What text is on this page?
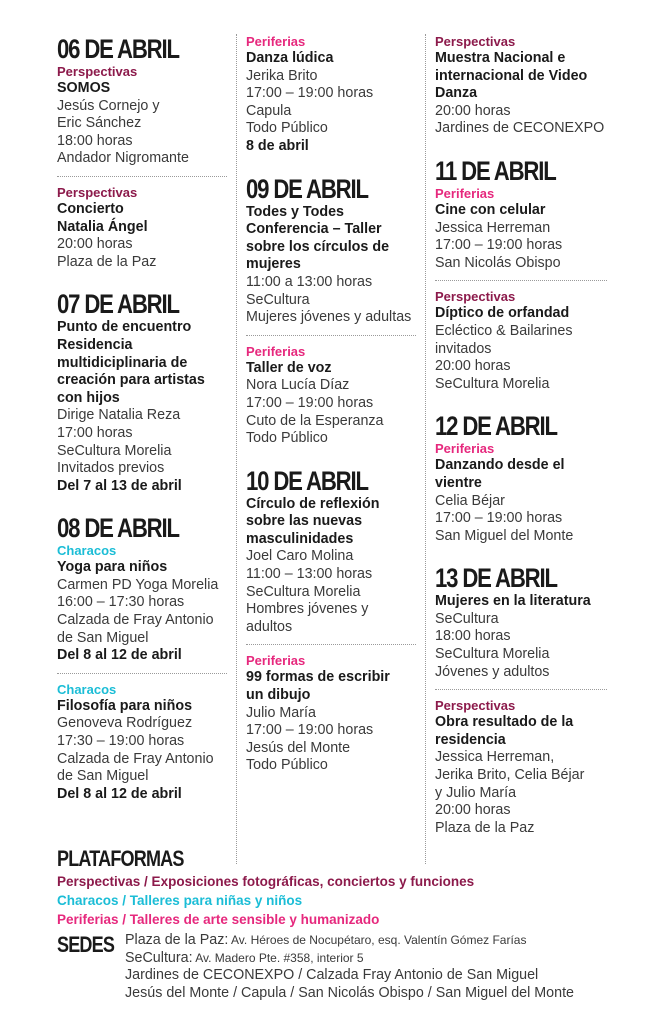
06 DE ABRIL
Perspectivas
SOMOS
Jesús Cornejo y
Eric Sánchez
18:00 horas
Andador Nigromante
Perspectivas
Concierto
Natalia Ángel
20:00 horas
Plaza de la Paz
07 DE ABRIL
Punto de encuentro
Residencia
multidiciplinaria de
creación para artistas
con hijos
Dirige Natalia Reza
17:00 horas
SeCultura Morelia
Invitados previos
Del 7 al 13 de abril
08 DE ABRIL
Characos
Yoga para niños
Carmen PD Yoga Morelia
16:00 – 17:30 horas
Calzada de Fray Antonio
de San Miguel
Del 8 al 12 de abril
Characos
Filosofía para niños
Genoveva Rodríguez
17:30 – 19:00 horas
Calzada de Fray Antonio
de San Miguel
Del 8 al 12 de abril
Periferias
Danza lúdica
Jerika Brito
17:00 – 19:00 horas
Capula
Todo Público
8 de abril
09 DE ABRIL
Todes y Todes
Conferencia – Taller
sobre los círculos de
mujeres
11:00 a 13:00 horas
SeCultura
Mujeres jóvenes y adultas
Periferias
Taller de voz
Nora Lucía Díaz
17:00 – 19:00 horas
Cuto de la Esperanza
Todo Público
10 DE ABRIL
Círculo de reflexión
sobre las nuevas
masculinidades
Joel Caro Molina
11:00 – 13:00 horas
SeCultura Morelia
Hombres jóvenes y
adultos
Periferias
99 formas de escribir
un dibujo
Julio María
17:00 – 19:00 horas
Jesús del Monte
Todo Público
Perspectivas
Muestra Nacional e
internacional de Video
Danza
20:00 horas
Jardines de CECONEXPO
11 DE ABRIL
Periferias
Cine con celular
Jessica Herreman
17:00 – 19:00 horas
San Nicolás Obispo
Perspectivas
Díptico de orfandad
Ecléctico & Bailarines
invitados
20:00 horas
SeCultura Morelia
12 DE ABRIL
Periferias
Danzando desde el
vientre
Celia Béjar
17:00 – 19:00 horas
San Miguel del Monte
13 DE ABRIL
Mujeres en la literatura
SeCultura
18:00 horas
SeCultura Morelia
Jóvenes y adultos
Perspectivas
Obra resultado de la
residencia
Jessica Herreman,
Jerika Brito, Celia Béjar
y Julio María
20:00 horas
Plaza de la Paz
PLATAFORMAS
Perspectivas / Exposiciones fotográficas, conciertos y funciones
Characos / Talleres para niñas y niños
Periferias / Talleres de arte sensible y humanizado
SEDES Plaza de la Paz: Av. Héroes de Nocupétaro, esq. Valentín Gómez Farías
SeCultura: Av. Madero Pte. #358, interior 5
Jardines de CECONEXPO / Calzada Fray Antonio de San Miguel
Jesús del Monte / Capula / San Nicolás Obispo / San Miguel del Monte
